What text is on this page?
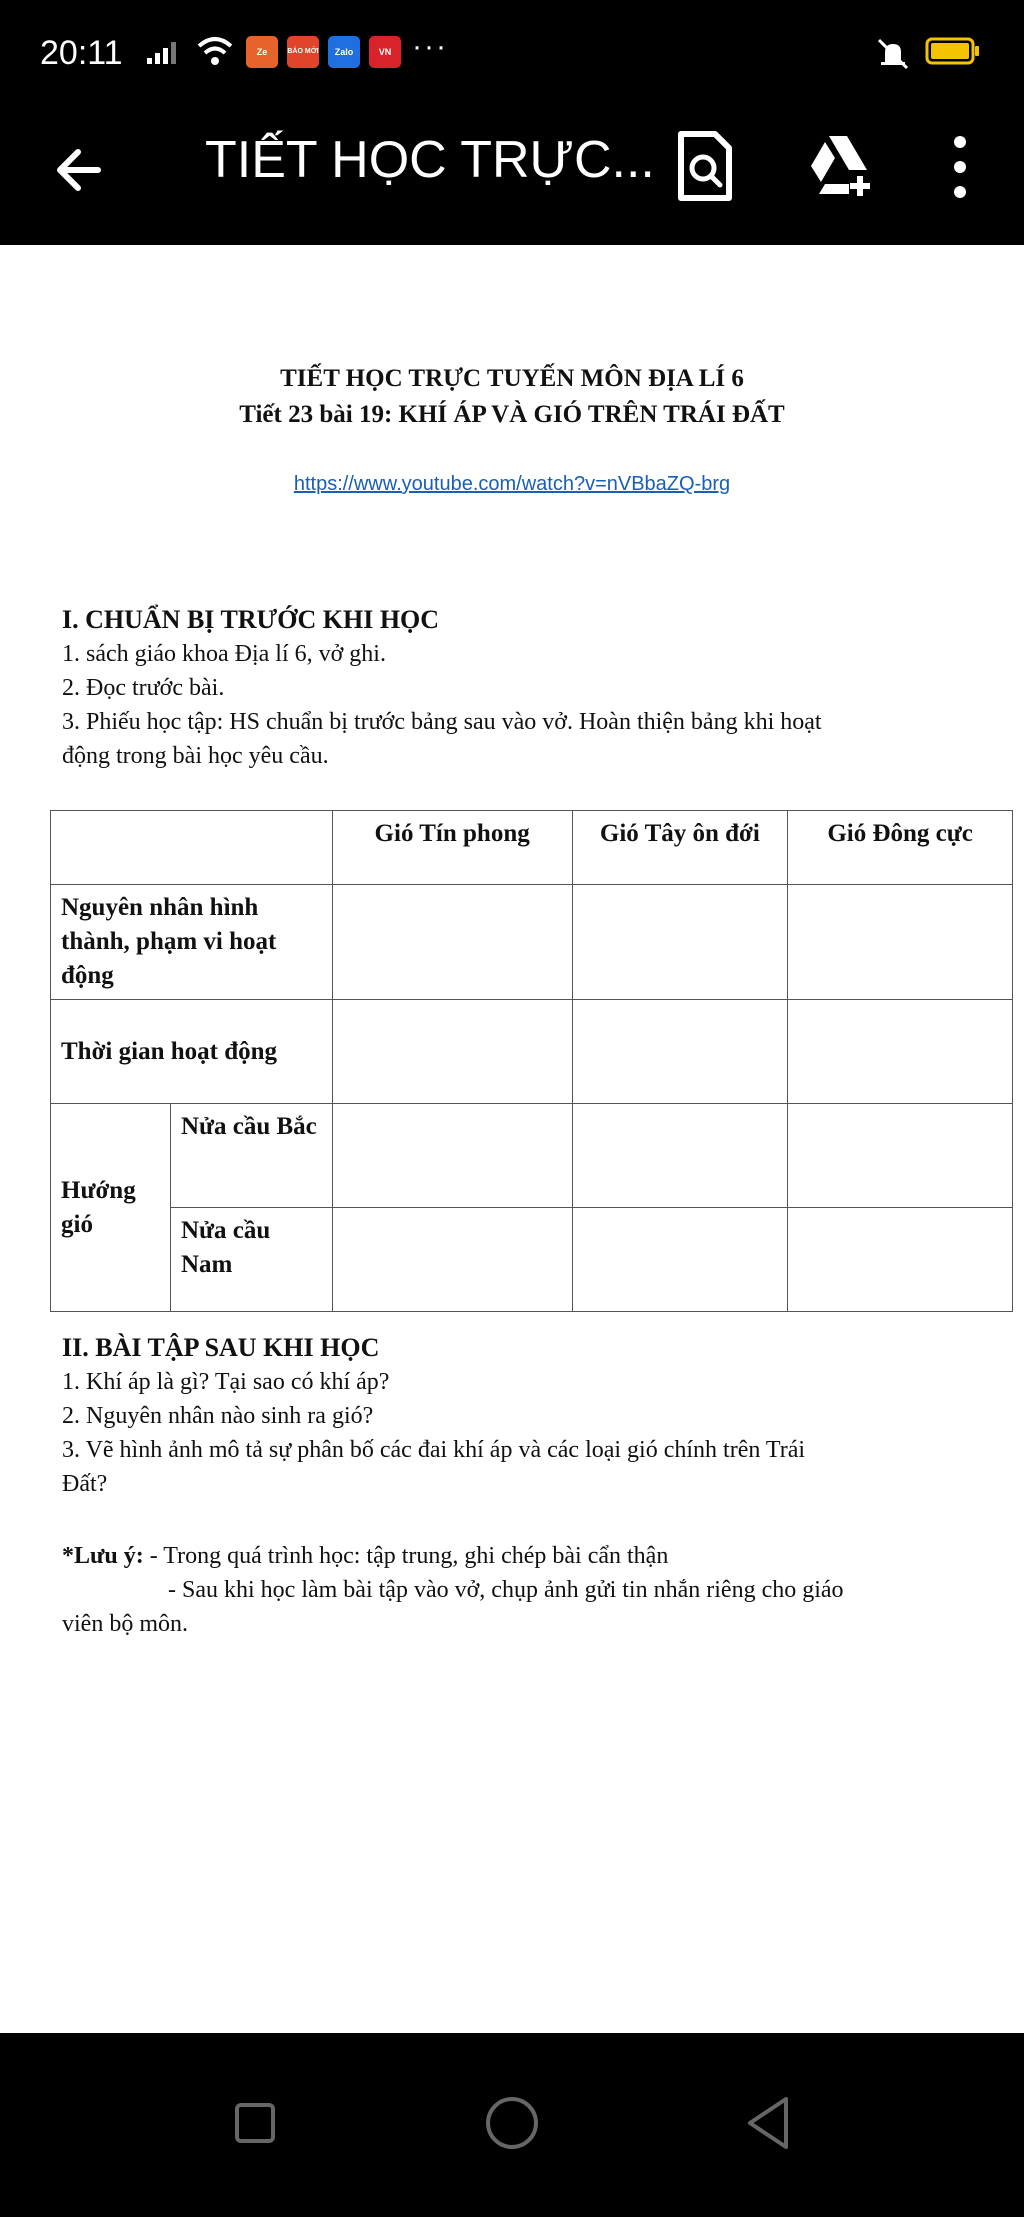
20:11	Ze	BÁO MỚI	Zalo	VN ···
TIẾT HỌC TRỰC...
TIẾT HỌC TRỰC TUYẾN MÔN ĐỊA LÍ 6
Tiết 23 bài 19: KHÍ ÁP VÀ GIÓ TRÊN TRÁI ĐẤT
https://www.youtube.com/watch?v=nVBbaZQ-brg
I. CHUẨN BỊ TRƯỚC KHI HỌC
1. sách giáo khoa Địa lí 6, vở ghi.
2. Đọc trước bài.
3. Phiếu học tập: HS chuẩn bị trước bảng sau vào vở. Hoàn thiện bảng khi hoạt
động trong bài học yêu cầu.
		Gió Tín phong	Gió Tây ôn đới	Gió Đông cực
Nguyên nhân hình thành, phạm vi hoạt động				
Thời gian hoạt động				
Hướng gió	Nửa cầu Bắc			
	Nửa cầu Nam			
II. BÀI TẬP SAU KHI HỌC
1. Khí áp là gì? Tại sao có khí áp?
2. Nguyên nhân nào sinh ra gió?
3. Vẽ hình ảnh mô tả sự phân bố các đai khí áp và các loại gió chính trên Trái
Đất?
*Lưu ý: - Trong quá trình học: tập trung, ghi chép bài cẩn thận
- Sau khi học làm bài tập vào vở, chụp ảnh gửi tin nhắn riêng cho giáo
viên bộ môn.
